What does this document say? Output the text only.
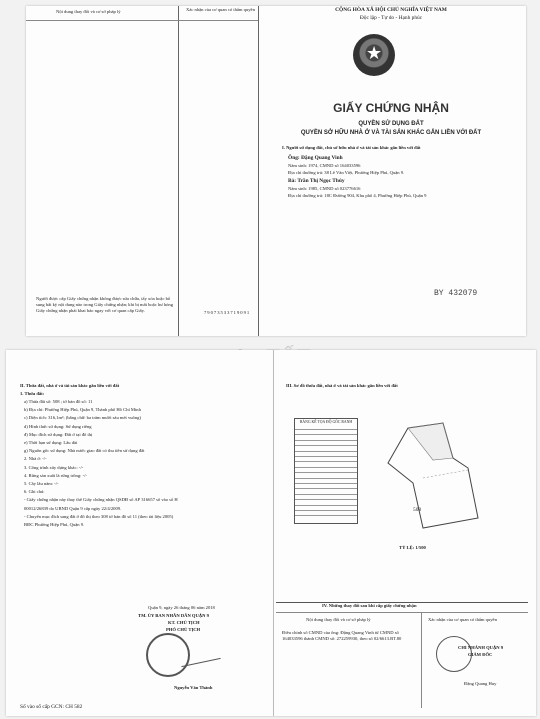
Nội dung thay đổi và cơ sở pháp lý	Xác nhận của cơ quan có thẩm quyền
Người được cấp Giấy chứng nhận không được sửa chữa, tẩy xóa hoặc bổ sung bất kỳ nội dung nào trong Giấy chứng nhận; khi bị mất hoặc hư hỏng Giấy chứng nhận phải khai báo ngay với cơ quan cấp Giấy.	79073533719091
CỘNG HÒA XÃ HỘI CHỦ NGHĨA VIỆT NAM
Độc lập - Tự do - Hạnh phúc
★
GIẤY CHỨNG NHẬN
QUYỀN SỬ DỤNG ĐẤT
QUYỀN SỞ HỮU NHÀ Ở VÀ TÀI SẢN KHÁC GẮN LIỀN VỚI ĐẤT
I. Người sử dụng đất, chủ sở hữu nhà ở và tài sản khác gắn liền với đất
Ông: Đặng Quang Vinh
Năm sinh: 1974, CMND số 164033596
Địa chỉ thường trú: 38 Lê Văn Việt, Phường Hiệp Phú, Quận 9.
Bà: Trần Thị Ngọc Thủy
Năm sinh: 1985, CMND số 023776616
Địa chỉ thường trú: 18C Đường 904, Khu phố 4, Phường Hiệp Phú, Quận 9
BY 432079
II. Thửa đất, nhà ở và tài sản khác gắn liền với đất
1. Thửa đất:
a) Thửa đất số: 508 ; tờ bản đồ số: 11
b) Địa chỉ: Phường Hiệp Phú, Quận 9, Thành phố Hồ Chí Minh
c) Diện tích: 316,1m²; (bằng chữ: ba trăm mười sáu mét vuông)
d) Hình thức sử dụng: Sử dụng riêng
đ) Mục đích sử dụng: Đất ở tại đô thị
e) Thời hạn sử dụng: Lâu dài
g) Nguồn gốc sử dụng: Nhà nước giao đất có thu tiền sử dụng đất
2. Nhà ở: -/-
3. Công trình xây dựng khác: -/-
4. Rừng sản xuất là rừng trồng: -/-
5. Cây lâu năm: -/-
6. Ghi chú:
- Giấy chứng nhận này thay thế Giấy chứng nhận QSDĐ số AP 316657 số vào sổ H
00012/26839 do UBND Quận 9 cấp ngày 22/4/2009.
- Chuyển mục đích sang đất ở đô thị theo 308 tờ bản đồ số 11 (theo tài liệu 2005)
BĐC Phường Hiệp Phú, Quận 9.
Quận 9, ngày 26 tháng 06 năm 2018
TM. ỦY BAN NHÂN DÂN QUẬN 9
KT. CHỦ TỊCH
PHÓ CHỦ TỊCH
Nguyễn Văn Thành
Số vào sổ cấp GCN: CH 582
III. Sơ đồ thửa đất, nhà ở và tài sản khác gắn liền với đất
BẢNG KÊ TỌA ĐỘ GÓC RANH
508
TỶ LỆ: 1/500
IV. Những thay đổi sau khi cấp giấy chứng nhận
Nội dung thay đổi và cơ sở pháp lý	Xác nhận của cơ quan có thẩm quyền
Điều chỉnh số CMND của ông: Đặng Quang Vinh từ CMND số 164033596 thành CMND số: 272259930, theo số 02/6613.BT.80
CHI NHÁNH QUẬN 9
GIÁM ĐỐC
Đặng Quang Huy
